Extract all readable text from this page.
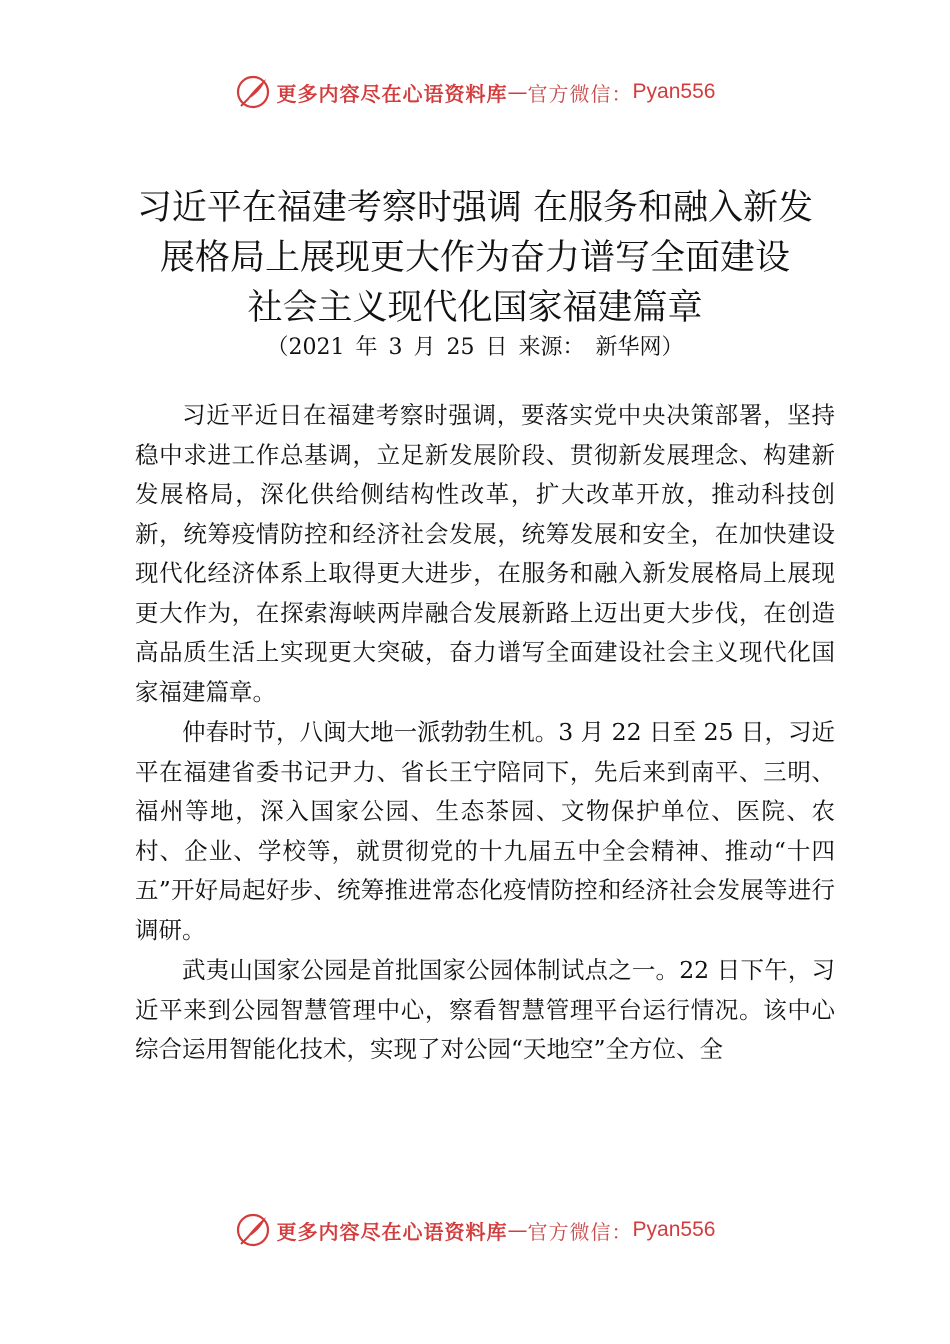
更多内容尽在心语资料库 — 官方微信： Pyan556
习近平在福建考察时强调 在服务和融入新发
展格局上展现更大作为奋力谱写全面建设
社会主义现代化国家福建篇章
（2021 年 3 月 25 日 来源： 新华网）

习近平近日在福建考察时强调，要落实党中央决策部署，坚持稳中求进工作总基调，立足新发展阶段、贯彻新发展理念、构建新发展格局，深化供给侧结构性改革，扩大改革开放，推动科技创新，统筹疫情防控和经济社会发展，统筹发展和安全，在加快建设现代化经济体系上取得更大进步，在服务和融入新发展格局上展现更大作为，在探索海峡两岸融合发展新路上迈出更大步伐，在创造高品质生活上实现更大突破，奋力谱写全面建设社会主义现代化国家福建篇章。

仲春时节，八闽大地一派勃勃生机。3 月 22 日至 25 日，习近平在福建省委书记尹力、省长王宁陪同下，先后来到南平、三明、福州等地，深入国家公园、生态茶园、文物保护单位、医院、农村、企业、学校等，就贯彻党的十九届五中全会精神、推动“十四五”开好局起好步、统筹推进常态化疫情防控和经济社会发展等进行调研。

武夷山国家公园是首批国家公园体制试点之一。22 日下午，习近平来到公园智慧管理中心，察看智慧管理平台运行情况。该中心综合运用智能化技术，实现了对公园“天地空”全方位、全

更多内容尽在心语资料库 — 官方微信： Pyan556
